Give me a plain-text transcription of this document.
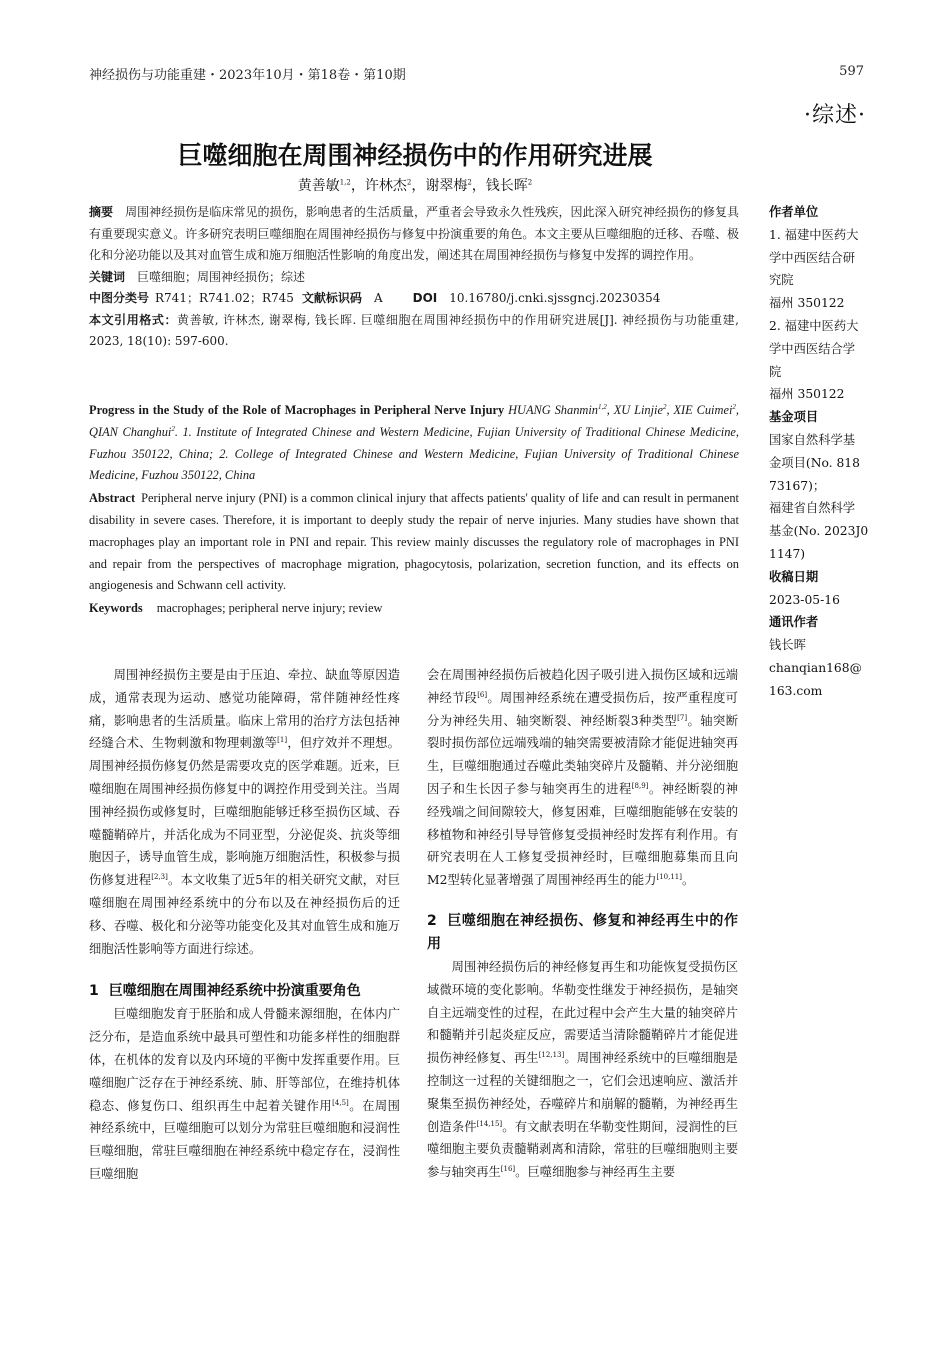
神经损伤与功能重建・2023年10月・第18卷・第10期	597
·综述·
巨噬细胞在周围神经损伤中的作用研究进展
黄善敏$^{1,2}$，许林杰$^2$，谢翠梅$^2$，钱长晖$^2$

摘要 周围神经损伤是临床常见的损伤，影响患者的生活质量，严重者会导致永久性残疾，因此深入研究神经损伤的修复具有重要现实意义。许多研究表明巨噬细胞在周围神经损伤与修复中扮演重要的角色。本文主要从巨噬细胞的迁移、吞噬、极化和分泌功能以及其对血管生成和施万细胞活性影响的角度出发，阐述其在周围神经损伤与修复中发挥的调控作用。

关键词 巨噬细胞；周围神经损伤；综述

中图分类号 R741；R741.02；R745 文献标识码 A	DOI 10.16780/j.cnki.sjssgncj.20230354

本文引用格式：黄善敏, 许林杰, 谢翠梅, 钱长晖. 巨噬细胞在周围神经损伤中的作用研究进展[J]. 神经损伤与功能重建, 2023, 18(10): 597-600.

Progress in the Study of the Role of Macrophages in Peripheral Nerve Injury HUANG Shanmin$^{1,2}$, XU Linjie$^2$, XIE Cuimei$^2$, QIAN Changhui$^2$. 1. Institute of Integrated Chinese and Western Medicine, Fujian University of Traditional Chinese Medicine, Fuzhou 350122, China; 2. College of Integrated Chinese and Western Medicine, Fujian University of Traditional Chinese Medicine, Fuzhou 350122, China

Abstract Peripheral nerve injury (PNI) is a common clinical injury that affects patients' quality of life and can result in permanent disability in severe cases. Therefore, it is important to deeply study the repair of nerve injuries. Many studies have shown that macrophages play an important role in PNI and repair. This review mainly discusses the regulatory role of macrophages in PNI and repair from the perspectives of macrophage migration, phagocytosis, polarization, secretion function, and its effects on angiogenesis and Schwann cell activity.

Keywords macrophages; peripheral nerve injury; review

作者单位
1. 福建中医药大
学中西医结合研
究院
福州 350122
2. 福建中医药大
学中西医结合学
院
福州 350122
基金项目
国家自然科学基
金项目(No. 818
73167)；
福建省自然科学
基金(No. 2023J0
1147)
收稿日期
2023-05-16
通讯作者
钱长晖
chanqian168@
163.com

周围神经损伤主要是由于压迫、牵拉、缺血等原因造成，通常表现为运动、感觉功能障碍，常伴随神经性疼痛，影响患者的生活质量。临床上常用的治疗方法包括神经缝合术、生物刺激和物理刺激等[1]，但疗效并不理想。周围神经损伤修复仍然是需要攻克的医学难题。近来，巨噬细胞在周围神经损伤修复中的调控作用受到关注。当周围神经损伤或修复时，巨噬细胞能够迁移至损伤区域、吞噬髓鞘碎片，并活化成为不同亚型，分泌促炎、抗炎等细胞因子，诱导血管生成，影响施万细胞活性，积极参与损伤修复进程[2,3]。本文收集了近5年的相关研究文献，对巨噬细胞在周围神经系统中的分布以及在神经损伤后的迁移、吞噬、极化和分泌等功能变化及其对血管生成和施万细胞活性影响等方面进行综述。

1 巨噬细胞在周围神经系统中扮演重要角色

巨噬细胞发育于胚胎和成人骨髓来源细胞，在体内广泛分布，是造血系统中最具可塑性和功能多样性的细胞群体，在机体的发育以及内环境的平衡中发挥重要作用。巨噬细胞广泛存在于神经系统、肺、肝等部位，在维持机体稳态、修复伤口、组织再生中起着关键作用[4,5]。在周围神经系统中，巨噬细胞可以划分为常驻巨噬细胞和浸润性巨噬细胞，常驻巨噬细胞在神经系统中稳定存在，浸润性巨噬细胞

会在周围神经损伤后被趋化因子吸引进入损伤区域和远端神经节段[6]。周围神经系统在遭受损伤后，按严重程度可分为神经失用、轴突断裂、神经断裂3种类型[7]。轴突断裂时损伤部位远端残端的轴突需要被清除才能促进轴突再生，巨噬细胞通过吞噬此类轴突碎片及髓鞘、并分泌细胞因子和生长因子参与轴突再生的进程[8,9]。神经断裂的神经残端之间间隙较大，修复困难，巨噬细胞能够在安装的移植物和神经引导导管修复受损神经时发挥有利作用。有研究表明在人工修复受损神经时，巨噬细胞募集而且向M2型转化显著增强了周围神经再生的能力[10,11]。

2 巨噬细胞在神经损伤、修复和神经再生中的作用

周围神经损伤后的神经修复再生和功能恢复受损伤区域微环境的变化影响。华勒变性继发于神经损伤，是轴突自主远端变性的过程，在此过程中会产生大量的轴突碎片和髓鞘并引起炎症反应，需要适当清除髓鞘碎片才能促进损伤神经修复、再生[12,13]。周围神经系统中的巨噬细胞是控制这一过程的关键细胞之一，它们会迅速响应、激活并聚集至损伤神经处，吞噬碎片和崩解的髓鞘，为神经再生创造条件[14,15]。有文献表明在华勒变性期间，浸润性的巨噬细胞主要负责髓鞘剥离和清除，常驻的巨噬细胞则主要参与轴突再生[16]。巨噬细胞参与神经再生主要
